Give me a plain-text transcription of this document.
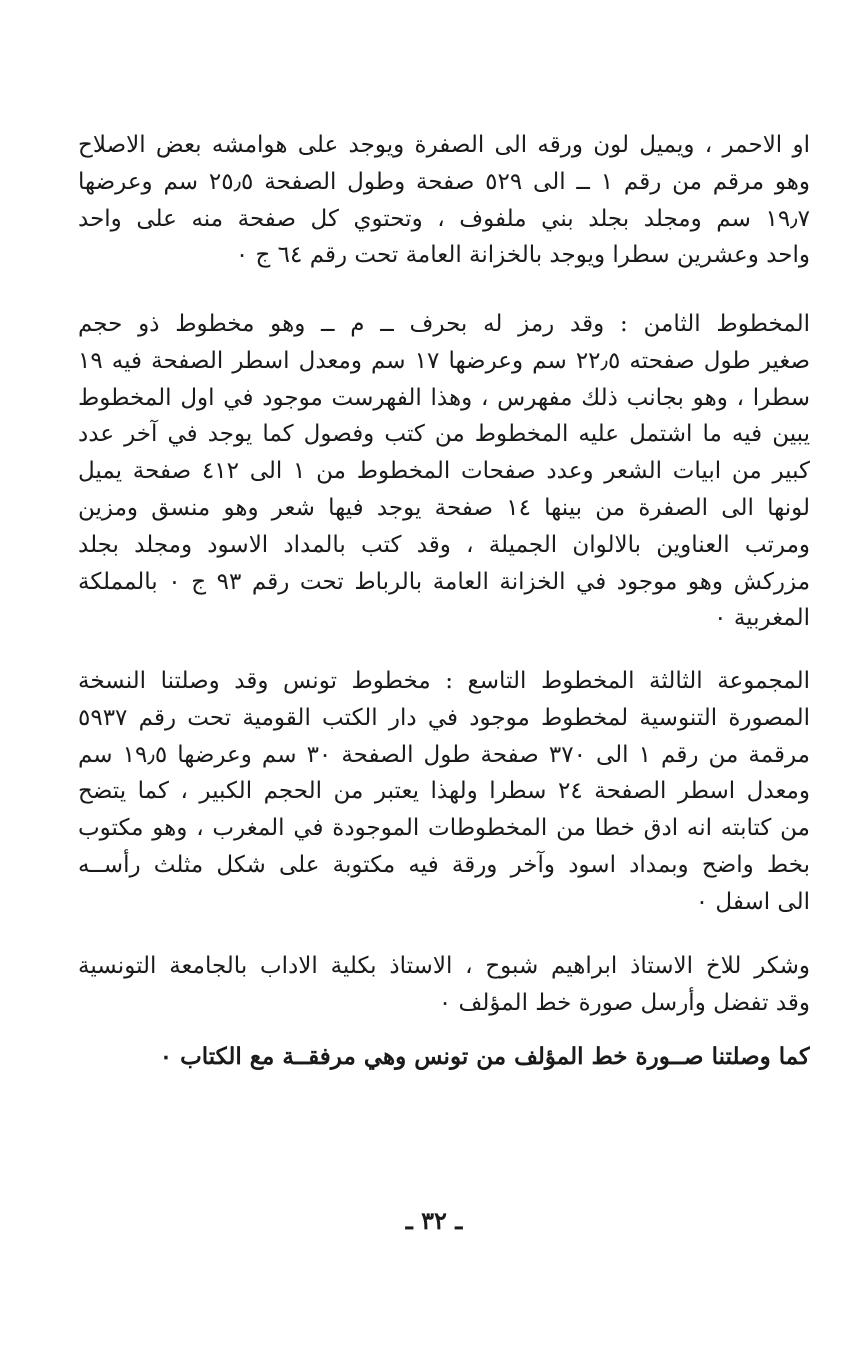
او الاحمر ، ويميل لون ورقه الى الصفرة ويوجد على هوامشه بعض الاصلاح
وهو مرقم من رقم ١ ــ الى ٥٢٩ صفحة وطول الصفحة ٢٥٫٥ سم وعرضها
١٩٫٧ سم ومجلد بجلد بني ملفوف ، وتحتوي كل صفحة منه على واحد
واحد وعشرين سطرا ويوجد بالخزانة العامة تحت رقم ٦٤ ج ٠
المخطوط الثامن : وقد رمز له بحرف ــ م ــ وهو مخطوط ذو حجم
صغير طول صفحته ٢٢٫٥ سم وعرضها ١٧ سم ومعدل اسطر الصفحة فيه ١٩
سطرا ، وهو بجانب ذلك مفهرس ، وهذا الفهرست موجود في اول المخطوط
يبين فيه ما اشتمل عليه المخطوط من كتب وفصول كما يوجد في آخر عدد
كبير من ابيات الشعر وعدد صفحات المخطوط من ١ الى ٤١٢ صفحة يميل
لونها الى الصفرة من بينها ١٤ صفحة يوجد فيها شعر وهو منسق ومزين
ومرتب العناوين بالالوان الجميلة ، وقد كتب بالمداد الاسود ومجلد بجلد
مزركش وهو موجود في الخزانة العامة بالرباط تحت رقم ٩٣ ج ٠ بالمملكة
المغربية ٠
المجموعة الثالثة المخطوط التاسع : مخطوط تونس وقد وصلتنا النسخة
المصورة التنوسية لمخطوط موجود في دار الكتب القومية تحت رقم ٥٩٣٧
مرقمة من رقم ١ الى ٣٧٠ صفحة طول الصفحة ٣٠ سم وعرضها ١٩٫٥ سم
ومعدل اسطر الصفحة ٢٤ سطرا ولهذا يعتبر من الحجم الكبير ، كما يتضح
من كتابته انه ادق خطا من المخطوطات الموجودة في المغرب ، وهو مكتوب
بخط واضح وبمداد اسود وآخر ورقة فيه مكتوبة على شكل مثلث رأســه
الى اسفل ٠
وشكر للاخ الاستاذ ابراهيم شبوح ، الاستاذ بكلية الاداب بالجامعة التونسية
وقد تفضل وأرسل صورة خط المؤلف ٠
كما وصلتنا صــورة خط المؤلف من تونس وهي مرفقــة مع الكتاب ٠
ـ ٣٢ ـ
